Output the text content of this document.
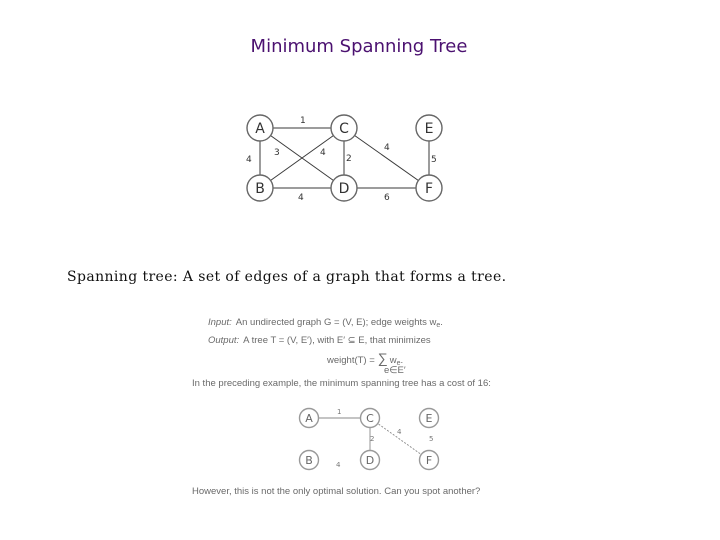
Minimum Spanning Tree
1
4
3	4
2
4
5
4	6
A	C	E
B	D	F
Input: An undirected graph G = (V, E); edge weights $w_e$.
Output: A tree T = (V, E′), with E′ ⊆ E, that minimizes
weight(T) = ∑ $w_e$.
e∈E′
In the preceding example, the minimum spanning tree has a cost of 16:
However, this is not the only optimal solution. Can you spot another?
1
2
4
5
4
A	C	E
B	D	F
Spanning tree: A set of edges of a graph that forms a tree.
